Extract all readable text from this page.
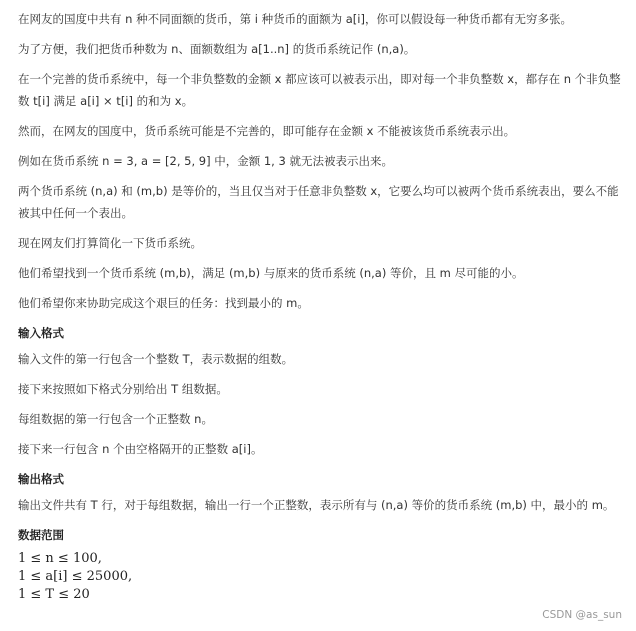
在网友的国度中共有 n 种不同面额的货币，第 i 种货币的面额为 a[i]，你可以假设每一种货币都有无穷多张。

为了方便，我们把货币种数为 n、面额数组为 a[1..n] 的货币系统记作 (n,a)。

在一个完善的货币系统中，每一个非负整数的金额 x 都应该可以被表示出，即对每一个非负整数 x，都存在 n 个非负整数 t[i] 满足 a[i] × t[i] 的和为 x。

然而，在网友的国度中，货币系统可能是不完善的，即可能存在金额 x 不能被该货币系统表示出。

例如在货币系统 n = 3, a = [2, 5, 9] 中，金额 1, 3 就无法被表示出来。

两个货币系统 (n,a) 和 (m,b) 是等价的，当且仅当对于任意非负整数 x，它要么均可以被两个货币系统表出，要么不能被其中任何一个表出。

现在网友们打算简化一下货币系统。

他们希望找到一个货币系统 (m,b)，满足 (m,b) 与原来的货币系统 (n,a) 等价，且 m 尽可能的小。

他们希望你来协助完成这个艰巨的任务：找到最小的 m。

输入格式

输入文件的第一行包含一个整数 T，表示数据的组数。

接下来按照如下格式分别给出 T 组数据。

每组数据的第一行包含一个正整数 n。

接下来一行包含 n 个由空格隔开的正整数 a[i]。

输出格式

输出文件共有 T 行，对于每组数据，输出一行一个正整数，表示所有与 (n,a) 等价的货币系统 (m,b) 中，最小的 m。

数据范围

1 ≤ n ≤ 100,

1 ≤ a[i] ≤ 25000,

1 ≤ T ≤ 20

CSDN @as_sun
